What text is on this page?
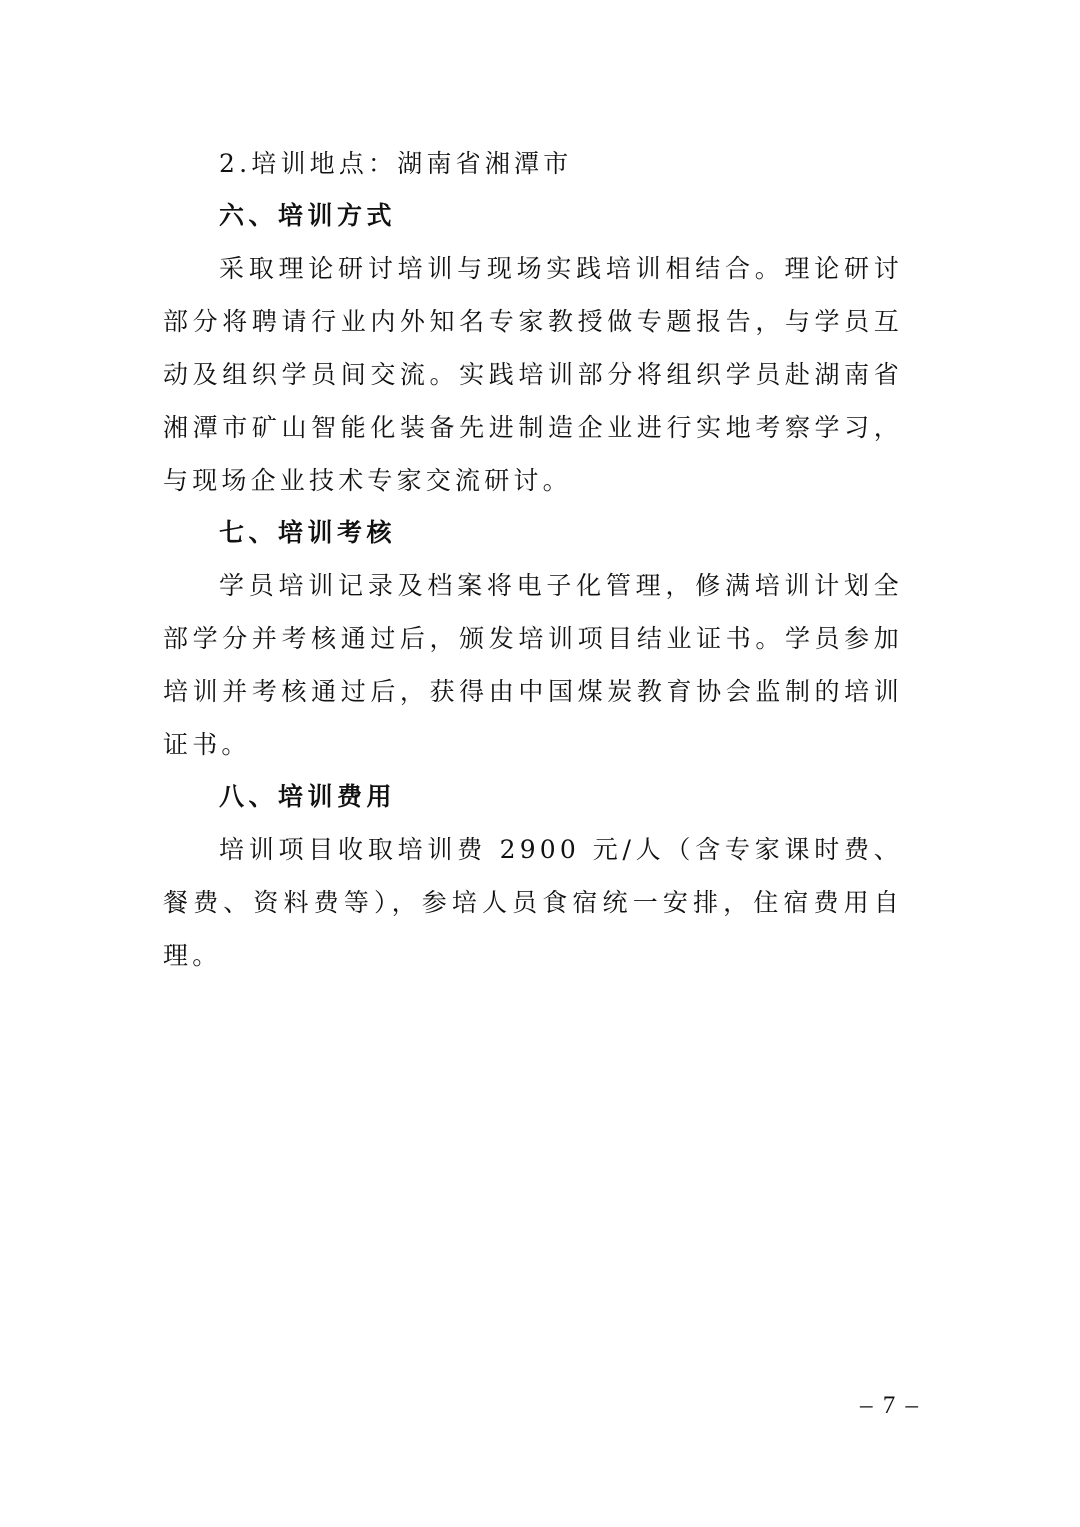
2.培训地点：湖南省湘潭市

六、培训方式

采取理论研讨培训与现场实践培训相结合。理论研讨部分将聘请行业内外知名专家教授做专题报告，与学员互动及组织学员间交流。实践培训部分将组织学员赴湖南省湘潭市矿山智能化装备先进制造企业进行实地考察学习，与现场企业技术专家交流研讨。

七、培训考核

学员培训记录及档案将电子化管理，修满培训计划全部学分并考核通过后，颁发培训项目结业证书。学员参加培训并考核通过后，获得由中国煤炭教育协会监制的培训证书。

八、培训费用

培训项目收取培训费 2900 元/人（含专家课时费、餐费、资料费等），参培人员食宿统一安排，住宿费用自理。

– 7 –
